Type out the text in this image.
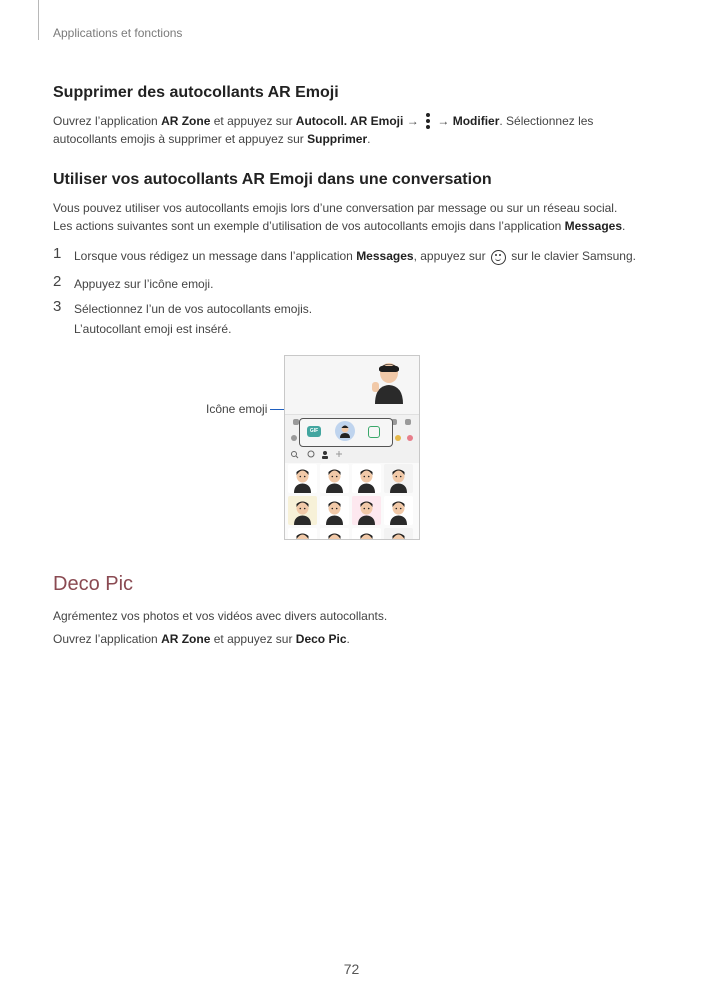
Applications et fonctions
Supprimer des autocollants AR Emoji

Ouvrez l’application AR Zone et appuyez sur Autocoll. AR Emoji →
→ Modifier. Sélectionnez les
autocollants emojis à supprimer et appuyez sur Supprimer.

Utiliser vos autocollants AR Emoji dans une conversation

Vous pouvez utiliser vos autocollants emojis lors d’une conversation par message ou sur un réseau social.
Les actions suivantes sont un exemple d’utilisation de vos autocollants emojis dans l’application Messages.

1 Lorsque vous rédigez un message dans l’application Messages, appuyez sur  sur le clavier Samsung.
2 Appuyez sur l’icône emoji.
3 Sélectionnez l’un de vos autocollants emojis.
L’autocollant emoji est inséré.
Icône emoji
GIF
Deco Pic

Agrémentez vos photos et vos vidéos avec divers autocollants.

Ouvrez l’application AR Zone et appuyez sur Deco Pic.

72
